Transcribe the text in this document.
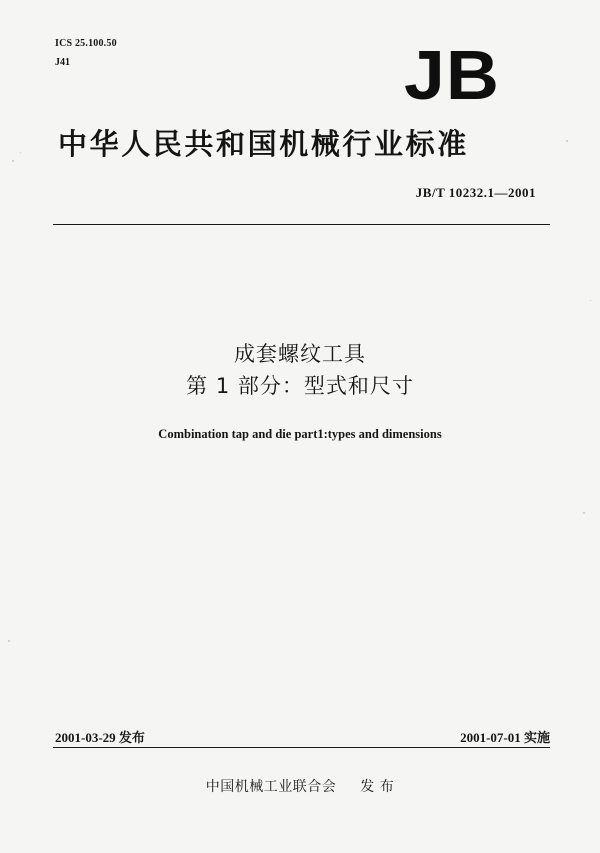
ICS 25.100.50
J41	JB
中华人民共和国机械行业标准
JB/T 10232.1—2001
成套螺纹工具
第 1 部分：型式和尺寸
Combination tap and die part1:types and dimensions
2001-03-29 发布	2001-07-01 实施
中国机械工业联合会 发 布
